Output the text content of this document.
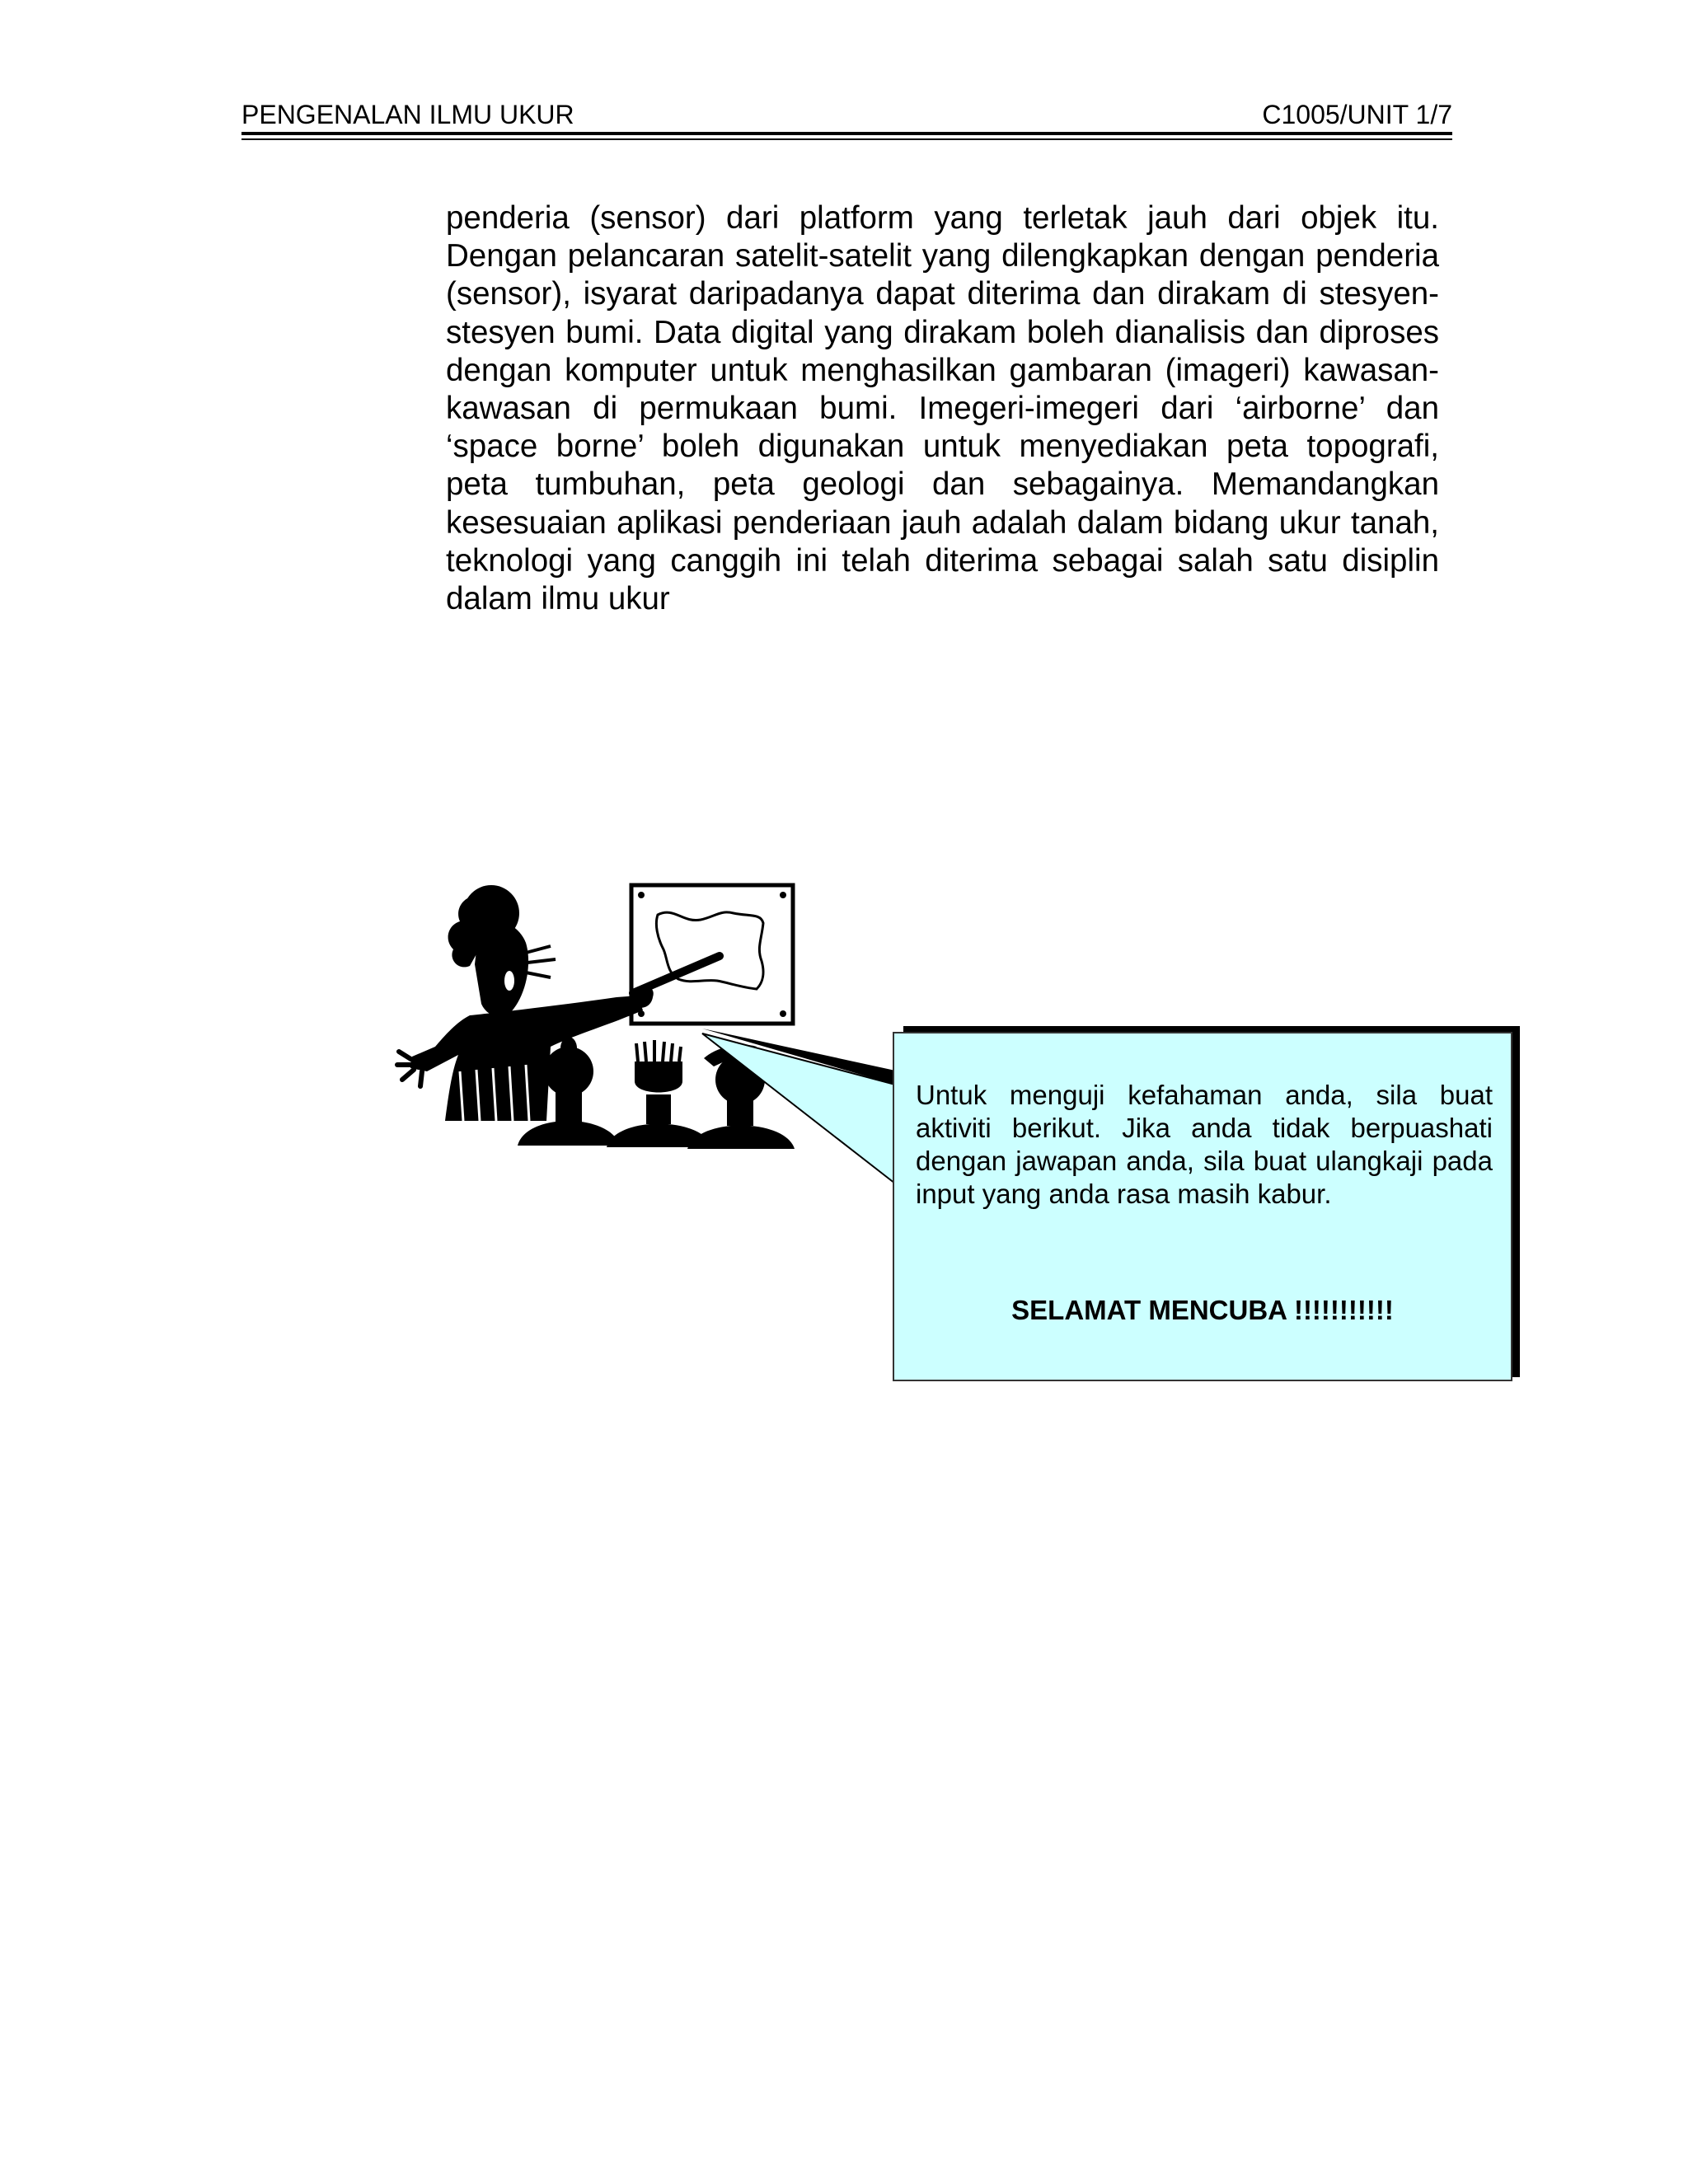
PENGENALAN ILMU UKUR	C1005/UNIT 1/7
penderia (sensor) dari platform yang terletak jauh dari objek itu. Dengan pelancaran satelit-satelit yang dilengkapkan dengan penderia (sensor), isyarat daripadanya dapat diterima dan dirakam di stesyen-stesyen bumi. Data digital yang dirakam boleh dianalisis dan diproses dengan komputer untuk menghasilkan gambaran (imageri) kawasan-kawasan di permukaan bumi. Imegeri-imegeri dari ‘airborne’ dan ‘space borne’ boleh digunakan untuk menyediakan peta topografi, peta tumbuhan, peta geologi dan sebagainya. Memandangkan kesesuaian aplikasi penderiaan jauh adalah dalam bidang ukur tanah, teknologi yang canggih ini telah diterima sebagai salah satu disiplin dalam ilmu ukur
Untuk menguji kefahaman anda, sila buat aktiviti berikut. Jika anda tidak berpuashati dengan jawapan anda, sila buat ulangkaji pada input yang anda rasa masih kabur.
SELAMAT MENCUBA !!!!!!!!!!!
